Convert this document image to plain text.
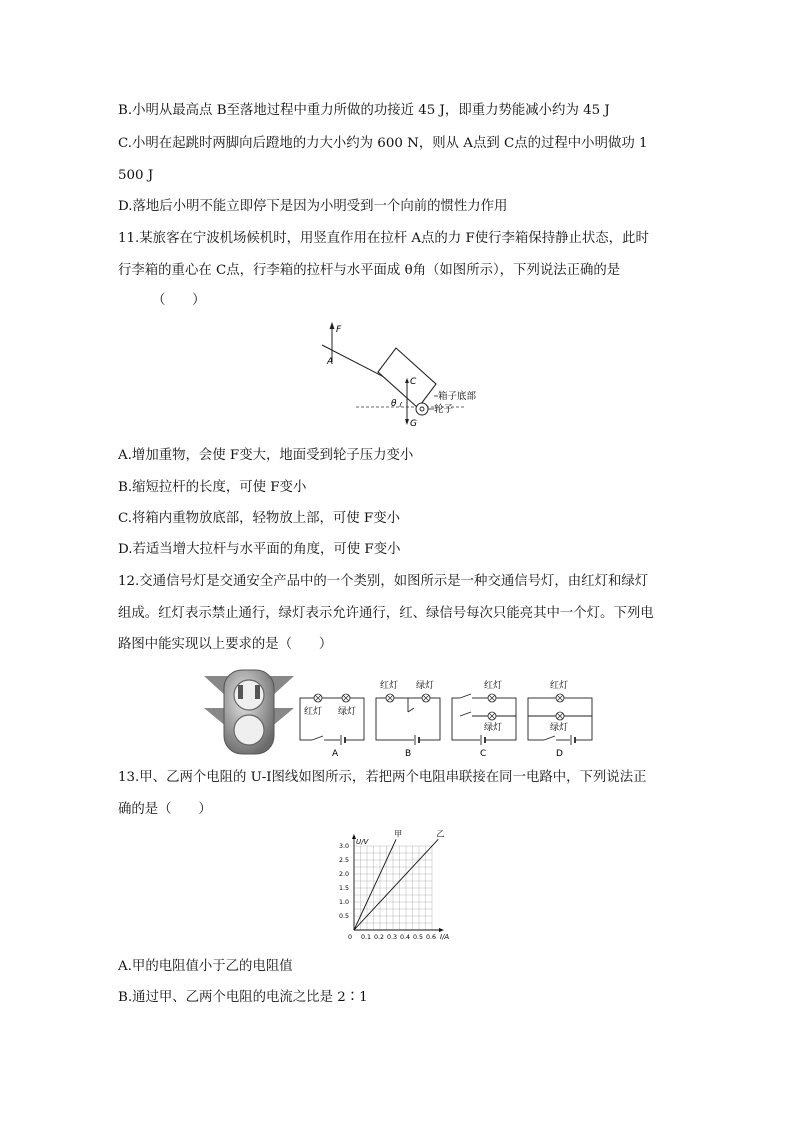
B.小明从最高点 B至落地过程中重力所做的功接近 45 J，即重力势能减小约为 45 J
C.小明在起跳时两脚向后蹬地的力大小约为 600 N，则从 A点到 C点的过程中小明做功 1
500 J
D.落地后小明不能立即停下是因为小明受到一个向前的惯性力作用
11.某旅客在宁波机场候机时，用竖直作用在拉杆 A点的力 F使行李箱保持静止状态，此时
行李箱的重心在 C点，行李箱的拉杆与水平面成 θ角（如图所示），下列说法正确的是
（　　）
F
A
C
G
θ
箱子底部
轮子
A.增加重物，会使 F变大，地面受到轮子压力变小
B.缩短拉杆的长度，可使 F变小
C.将箱内重物放底部，轻物放上部，可使 F变小
D.若适当增大拉杆与水平面的角度，可使 F变小
12.交通信号灯是交通安全产品中的一个类别，如图所示是一种交通信号灯，由红灯和绿灯
组成。红灯表示禁止通行，绿灯表示允许通行，红、绿信号每次只能亮其中一个灯。下列电
路图中能实现以上要求的是（　　）
红灯 绿灯
A
红灯 绿灯
B
红灯
绿灯
C
红灯
绿灯
D
13.甲、乙两个电阻的 U-I图线如图所示，若把两个电阻串联接在同一电路中，下列说法正
确的是（　　）
甲	乙
0 0.1 0.2 0.3 0.4 0.5 0.6
0.5
1.0
1.5
2.0
2.5
3.0
I/A
U/V
A.甲的电阻值小于乙的电阻值
B.通过甲、乙两个电阻的电流之比是 2∶1
